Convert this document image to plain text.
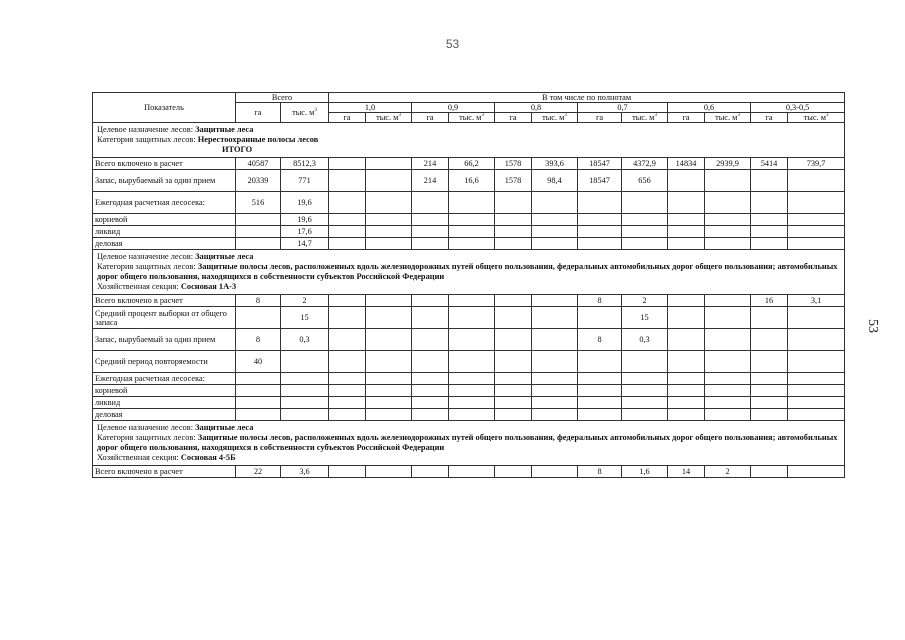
53
53
Показатель	Всего		В том числе по полнотам											
	га	тыс. $м^3$	1,0		0,9		0,8		0,7		0,6		0,3-0,5	
			га	тыс. $м^3$	га	тыс. $м^3$	га	тыс. $м^3$	га	тыс. $м^3$	га	тыс. $м^3$	га	тыс. $м^3$

Целевое назначение лесов: Защитные леса
Категория защитных лесов: Нерестоохранные полосы лесов
ИТОГО														

Всего включено в расчет	40587	8512,3			214	66,2	1578	393,6	18547	4372,9	14834	2939,9	5414	739,7
Запас, вырубаемый за один прием	20339	771			214	16,6	1578	98,4	18547	656				
Ежегодная расчетная лесосека:	516	19,6												
корневой		19,6												
ликвид		17,6												
деловая		14,7												

Целевое назначение лесов: Защитные леса
Категория защитных лесов: Защитные полосы лесов, расположенных вдоль железнодорожных путей общего пользования, федеральных автомобильных дорог общего пользования; автомобильных дорог общего пользования, находящихся в собственности субъектов Российской Федерации
Хозяйственная секция: Сосновая 1А-3														

Всего включено в расчет	8	2							8	2			16	3,1
Средний процент выборки от общего запаса		15								15				
Запас, вырубаемый за один прием	8	0,3							8	0,3				
Средний период повторяемости	40													
Ежегодная расчетная лесосека:														
корневой														
ликвид														
деловая														

Целевое назначение лесов: Защитные леса
Категория защитных лесов: Защитные полосы лесов, расположенных вдоль железнодорожных путей общего пользования, федеральных автомобильных дорог общего пользования; автомобильных дорог общего пользования, находящихся в собственности субъектов Российской Федерации
Хозяйственная секция: Сосновая 4-5Б														

Всего включено в расчет	22	3,6							8	1,6	14	2		
